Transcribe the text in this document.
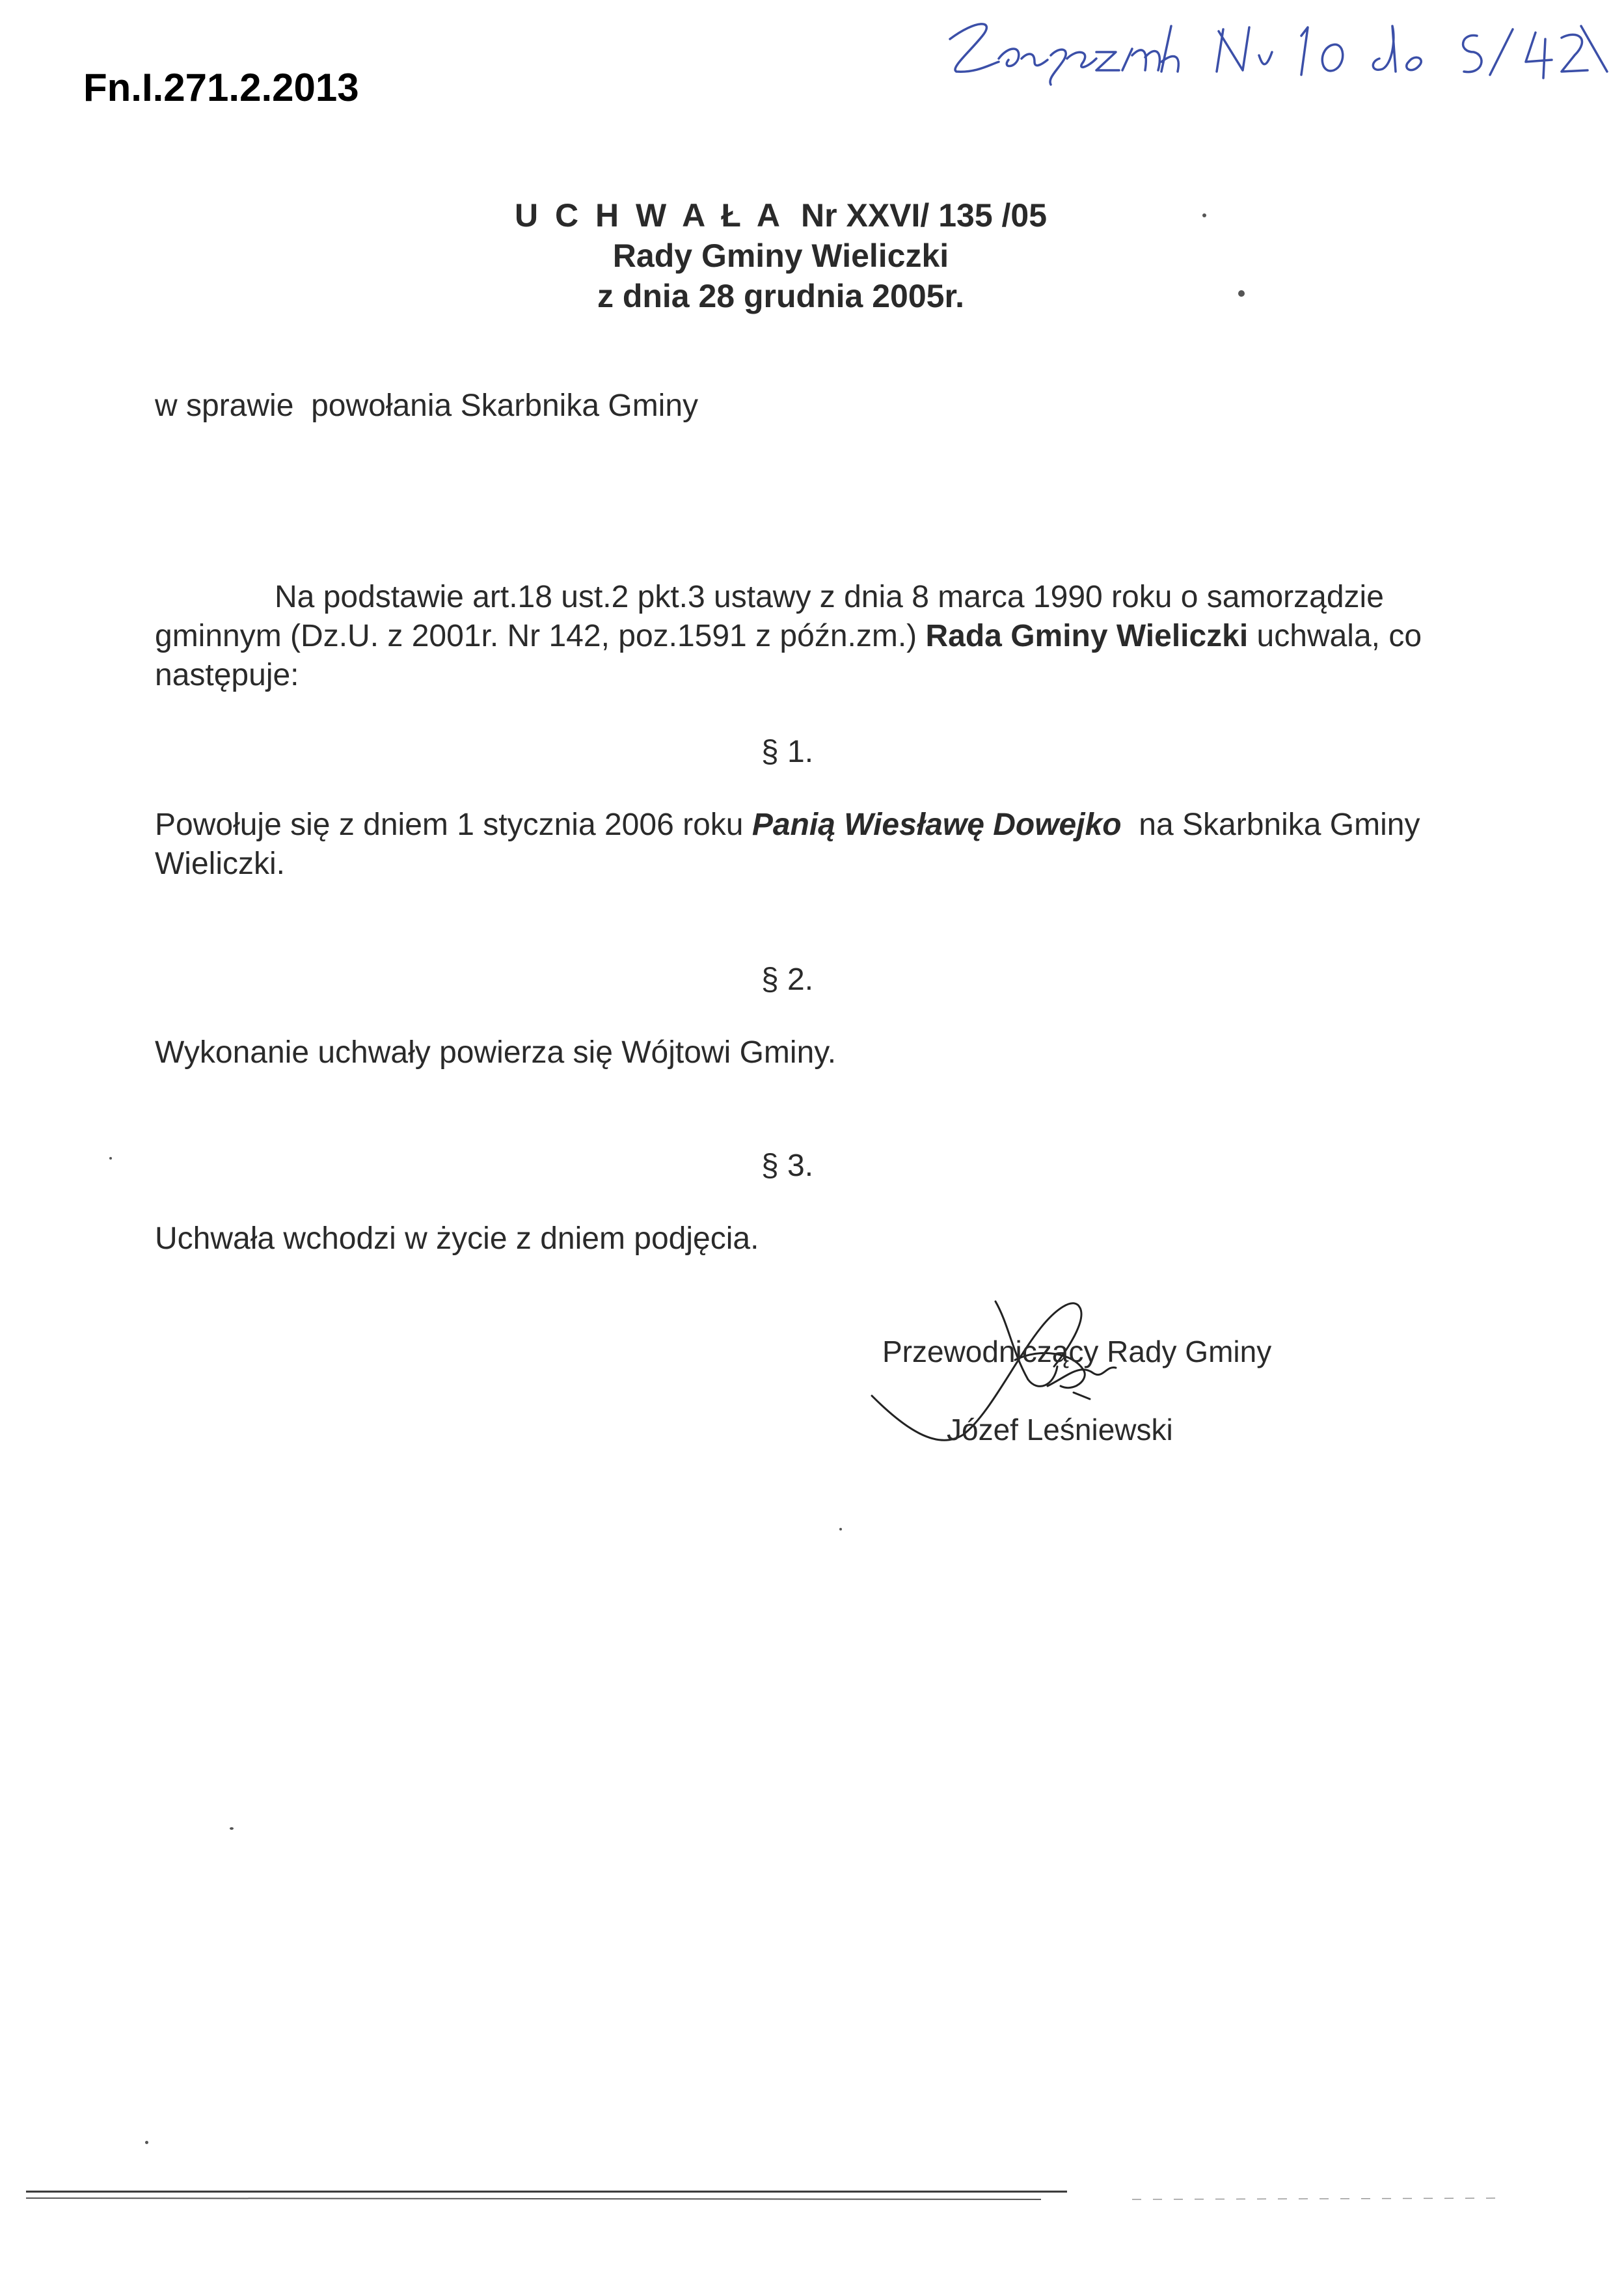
Fn.I.271.2.2013
U C H W A Ł A Nr XXVI/ 135 /05
Rady Gminy Wieliczki
z dnia 28 grudnia 2005r.
w sprawie  powołania Skarbnika Gminy
Na podstawie art.18 ust.2 pkt.3 ustawy z dnia 8 marca 1990 roku o samorządzie gminnym (Dz.U. z 2001r. Nr 142, poz.1591 z późn.zm.) Rada Gminy Wieliczki uchwala, co następuje:
§ 1.
Powołuje się z dniem 1 stycznia 2006 roku Panią Wiesławę Dowejko  na Skarbnika Gminy Wieliczki.
§ 2.
Wykonanie uchwały powierza się Wójtowi Gminy.
§ 3.
Uchwała wchodzi w życie z dniem podjęcia.
Przewodniczący Rady Gminy
Józef Leśniewski
